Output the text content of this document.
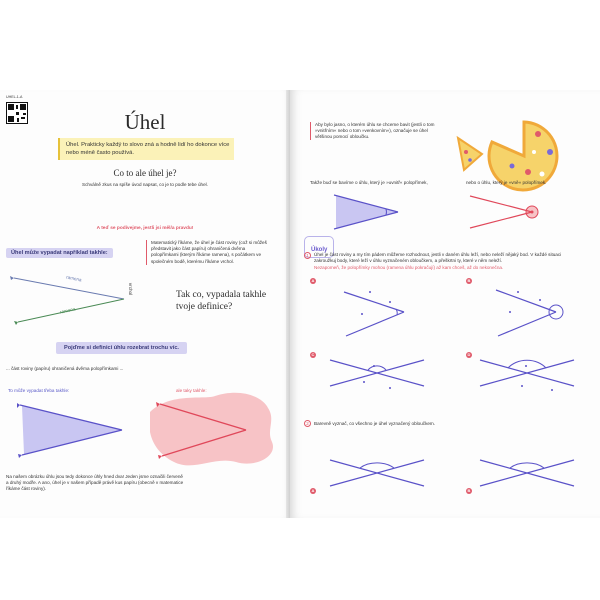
UHEL-1-A
Úhel
Úhel. Prakticky každý to slovo zná a hodně lidí ho dokonce více nebo méně často používá.
Co to ale úhel je?
Schválně zkus na spíše úvod napsat, co je to podle tebe úhel.
A teď se podívejme, jestli jsi měl/a pravdu!
Úhel může vypadat například takhle:
ramena
ramena
vrchol
Matematický říkáme, že úhel je část roviny (což si můžeš představit jako část papíru) ohraničená dvěma polopřímkami (kterým říkáme ramena), s počátkem ve společném bodě, kterému říkáme vrchol.
Tak co, vypadala takhle
tvoje definice?
Pojďme si definici úhlu rozebrat trochu víc.
... část roviny (papíru) ohraničená dvěma polopřímkami ...
To může vypadat třeba takhle:	ale taky takhle:
Na našem obrázku úhlu jsou tedy dokonce úhly hned dva! Jeden jsme označili červeně a druhý modře. A ano, úhel je v našem případě právě kus papíru (obecně v matematice říkáme část roviny).
Aby bylo jasno, o kterém úhlu se chceme bavit (jestli o tom »vnitřním« nebo o tom »venkovním«), označuje se úhel většinou pomocí obloučku.
Takže buď se bavíme o úhlu, který je »uvnitř« polopřímek,	nebo o úhlu, který je »vně« polopřímek.
Úkoly
1	Úhel je část roviny a my tím pádem můžeme rozhodnout, jestli v daném úhlu leží, nebo neleží nějaký bod. V každé situaci zakroužkuj body, které leží v úhlu vyznačeném obloučkem, a přeškrtni ty, které v něm neleží.
Nezapomeň, že polopřímky mohou (ramena úhlu pokračují) až kam chceš, až do nekonečna.
A	B
C	D
2	Barevně vyznač, co všechno je úhel vyznačený obloučkem.
A	B
